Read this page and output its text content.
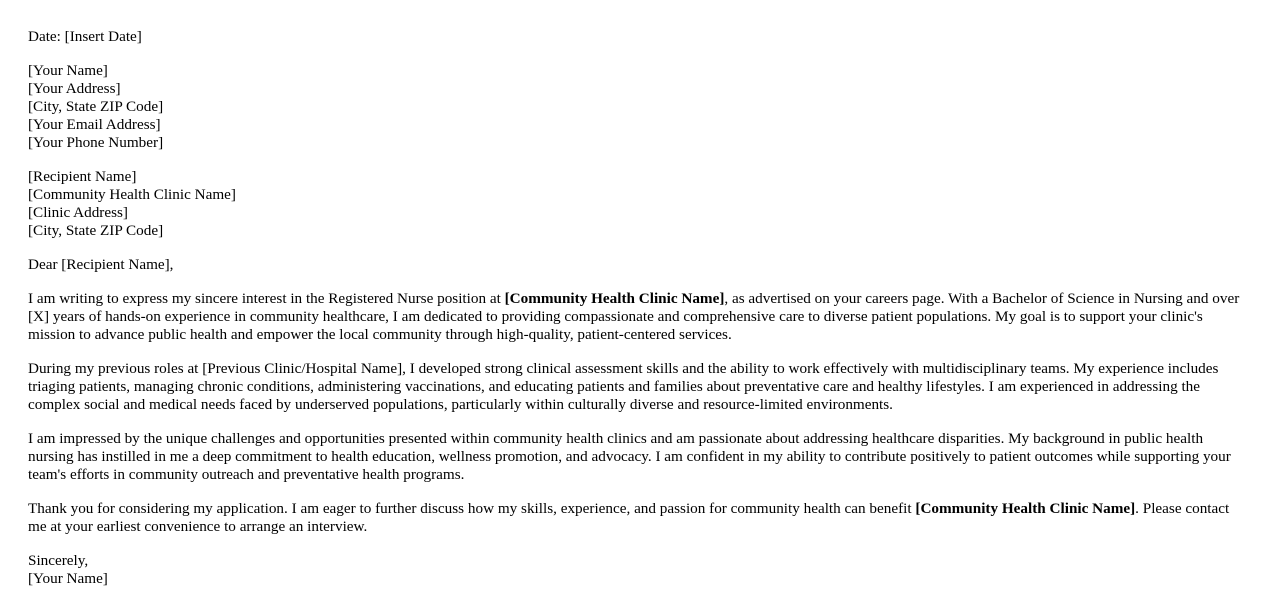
Date: [Insert Date]
[Your Name]
[Your Address]
[City, State ZIP Code]
[Your Email Address]
[Your Phone Number]
[Recipient Name]
[Community Health Clinic Name]
[Clinic Address]
[City, State ZIP Code]
Dear [Recipient Name],

I am writing to express my sincere interest in the Registered Nurse position at [Community Health Clinic Name], as advertised on your careers page. With a Bachelor of Science in Nursing and over [X] years of hands-on experience in community healthcare, I am dedicated to providing compassionate and comprehensive care to diverse patient populations. My goal is to support your clinic's mission to advance public health and empower the local community through high-quality, patient-centered services.

During my previous roles at [Previous Clinic/Hospital Name], I developed strong clinical assessment skills and the ability to work effectively with multidisciplinary teams. My experience includes triaging patients, managing chronic conditions, administering vaccinations, and educating patients and families about preventative care and healthy lifestyles. I am experienced in addressing the complex social and medical needs faced by underserved populations, particularly within culturally diverse and resource-limited environments.

I am impressed by the unique challenges and opportunities presented within community health clinics and am passionate about addressing healthcare disparities. My background in public health nursing has instilled in me a deep commitment to health education, wellness promotion, and advocacy. I am confident in my ability to contribute positively to patient outcomes while supporting your team's efforts in community outreach and preventative health programs.

Thank you for considering my application. I am eager to further discuss how my skills, experience, and passion for community health can benefit [Community Health Clinic Name]. Please contact me at your earliest convenience to arrange an interview.

Sincerely,
[Your Name]
